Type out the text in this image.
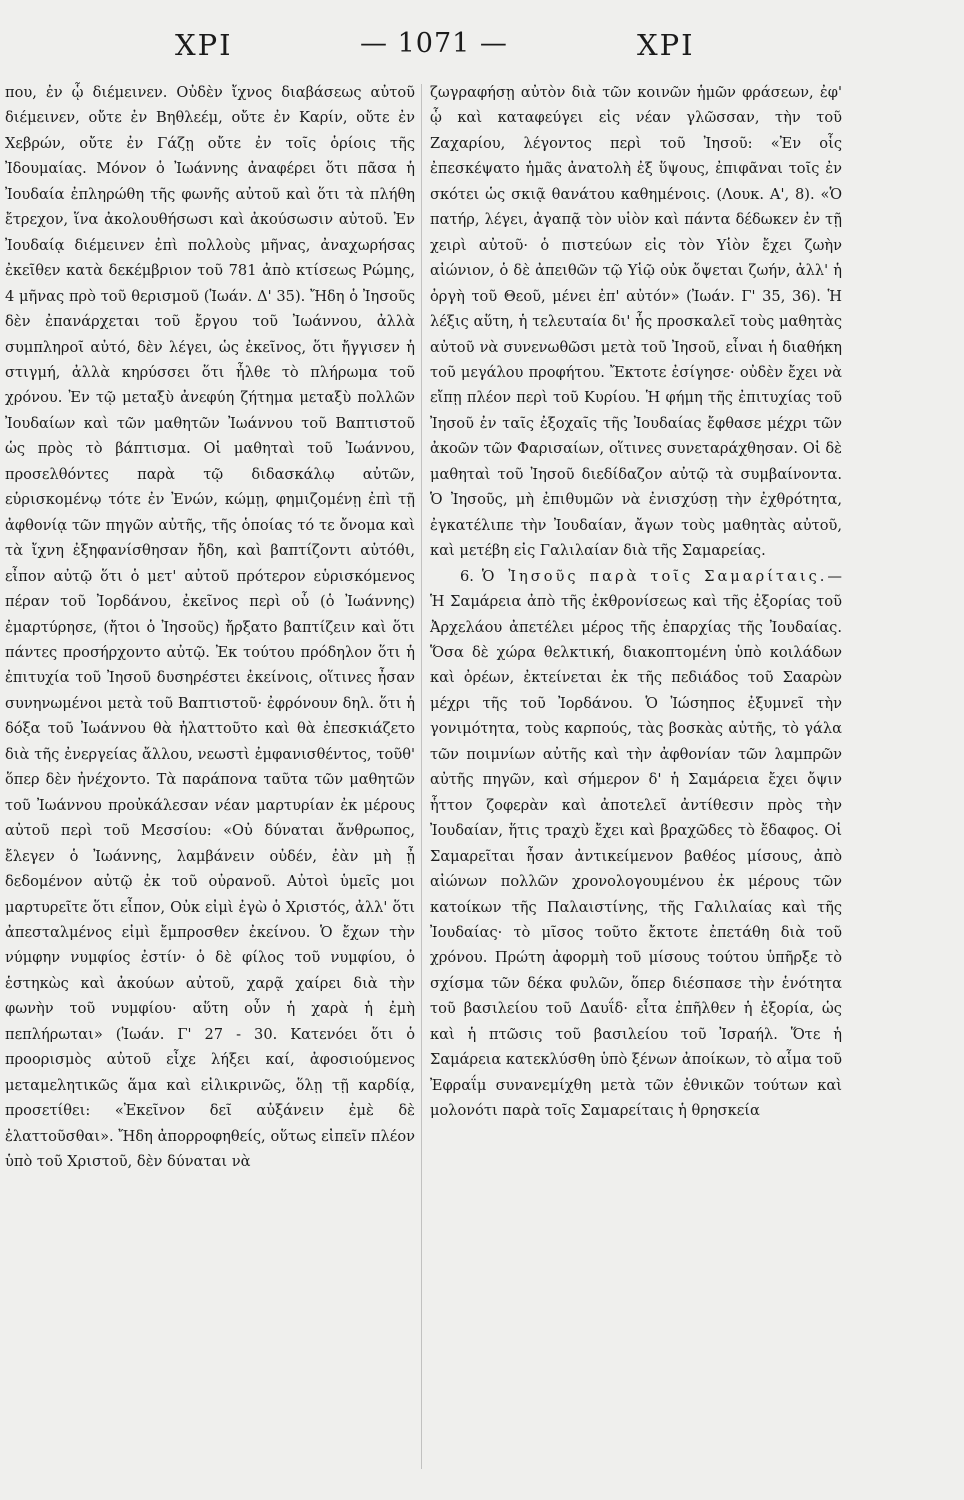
ΧΡΙ	— 1071 —	ΧΡΙ

που, ἐν ᾧ διέμεινεν. Οὐδὲν ἴχνος διαβάσεως αὐτοῦ διέμεινεν, οὔτε ἐν Βηθλεέμ, οὔτε ἐν Καρίν, οὔτε ἐν Χεβρών, οὔτε ἐν Γάζῃ οὔτε ἐν τοῖς ὁρίοις τῆς Ἰδουμαίας. Μόνον ὁ Ἰωάννης ἀναφέρει ὅτι πᾶσα ἡ Ἰουδαία ἐπληρώθη τῆς φωνῆς αὐτοῦ καὶ ὅτι τὰ πλήθη ἔτρεχον, ἵνα ἀκολουθήσωσι καὶ ἀκούσωσιν αὐτοῦ. Ἐν Ἰουδαίᾳ διέμεινεν ἐπὶ πολλοὺς μῆνας, ἀναχωρήσας ἐκεῖθεν κατὰ δεκέμβριον τοῦ 781 ἀπὸ κτίσεως Ρώμης, 4 μῆνας πρὸ τοῦ θερισμοῦ (Ἰωάν. Δ' 35). Ἤδη ὁ Ἰησοῦς δὲν ἐπανάρχεται τοῦ ἔργου τοῦ Ἰωάννου, ἀλλὰ συμπληροῖ αὐτό, δὲν λέγει, ὡς ἐκεῖνος, ὅτι ἤγγισεν ἡ στιγμή, ἀλλὰ κηρύσσει ὅτι ἦλθε τὸ πλήρωμα τοῦ χρόνου. Ἐν τῷ μεταξὺ ἀνεφύη ζήτημα μεταξὺ πολλῶν Ἰουδαίων καὶ τῶν μαθητῶν Ἰωάννου τοῦ Βαπτιστοῦ ὡς πρὸς τὸ βάπτισμα. Οἱ μαθηταὶ τοῦ Ἰωάννου, προσελθόντες παρὰ τῷ διδασκάλῳ αὐτῶν, εὑρισκομένῳ τότε ἐν Ἐνών, κώμῃ, φημιζομένῃ ἐπὶ τῇ ἀφθονίᾳ τῶν πηγῶν αὐτῆς, τῆς ὁποίας τό τε ὄνομα καὶ τὰ ἴχνη ἐξηφανίσθησαν ἤδη, καὶ βαπτίζοντι αὐτόθι, εἶπον αὐτῷ ὅτι ὁ μετ' αὐτοῦ πρότερον εὑρισκόμενος πέραν τοῦ Ἰορδάνου, ἐκεῖνος περὶ οὗ (ὁ Ἰωάννης) ἐμαρτύρησε, (ἤτοι ὁ Ἰησοῦς) ἤρξατο βαπτίζειν καὶ ὅτι πάντες προσήρχοντο αὐτῷ. Ἐκ τούτου πρόδηλον ὅτι ἡ ἐπιτυχία τοῦ Ἰησοῦ δυσηρέστει ἐκείνοις, οἵτινες ἦσαν συνηνωμένοι μετὰ τοῦ Βαπτιστοῦ· ἐφρόνουν δηλ. ὅτι ἡ δόξα τοῦ Ἰωάννου θὰ ἠλαττοῦτο καὶ θὰ ἐπεσκιάζετο διὰ τῆς ἐνεργείας ἄλλου, νεωστὶ ἐμφανισθέντος, τοῦθ' ὅπερ δὲν ἠνέχοντο. Τὰ παράπονα ταῦτα τῶν μαθητῶν τοῦ Ἰωάννου προὐκάλεσαν νέαν μαρτυρίαν ἐκ μέρους αὐτοῦ περὶ τοῦ Μεσσίου: «Οὐ δύναται ἄνθρωπος, ἔλεγεν ὁ Ἰωάννης, λαμβάνειν οὐδέν, ἐὰν μὴ ᾖ δεδομένον αὐτῷ ἐκ τοῦ οὐρανοῦ. Αὐτοὶ ὑμεῖς μοι μαρτυρεῖτε ὅτι εἶπον, Οὐκ εἰμὶ ἐγὼ ὁ Χριστός, ἀλλ' ὅτι ἀπεσταλμένος εἰμὶ ἔμπροσθεν ἐκείνου. Ὁ ἔχων τὴν νύμφην νυμφίος ἐστίν· ὁ δὲ φίλος τοῦ νυμφίου, ὁ ἑστηκὼς καὶ ἀκούων αὐτοῦ, χαρᾷ χαίρει διὰ τὴν φωνὴν τοῦ νυμφίου· αὕτη οὖν ἡ χαρὰ ἡ ἐμὴ πεπλήρωται» (Ἰωάν. Γ' 27 - 30. Κατενόει ὅτι ὁ προορισμὸς αὐτοῦ εἶχε λήξει καί, ἀφοσιούμενος μεταμελητικῶς ἅμα καὶ εἰλικρινῶς, ὅλῃ τῇ καρδίᾳ, προσετίθει: «Ἐκεῖνον δεῖ αὐξάνειν ἐμὲ δὲ ἐλαττοῦσθαι». Ἤδη ἀπορροφηθείς, οὕτως εἰπεῖν πλέον ὑπὸ τοῦ Χριστοῦ, δὲν δύναται νὰ

ζωγραφήσῃ αὐτὸν διὰ τῶν κοινῶν ἡμῶν φράσεων, ἐφ' ᾧ καὶ καταφεύγει εἰς νέαν γλῶσσαν, τὴν τοῦ Ζαχαρίου, λέγοντος περὶ τοῦ Ἰησοῦ: «Ἐν οἷς ἐπεσκέψατο ἡμᾶς ἀνατολὴ ἐξ ὕψους, ἐπιφᾶναι τοῖς ἐν σκότει ὡς σκιᾷ θανάτου καθημένοις. (Λουκ. Α', 8). «Ὁ πατήρ, λέγει, ἀγαπᾷ τὸν υἱὸν καὶ πάντα δέδωκεν ἐν τῇ χειρὶ αὐτοῦ· ὁ πιστεύων εἰς τὸν Υἱὸν ἔχει ζωὴν αἰώνιον, ὁ δὲ ἀπειθῶν τῷ Υἱῷ οὐκ ὄψεται ζωήν, ἀλλ' ἡ ὀργὴ τοῦ Θεοῦ, μένει ἐπ' αὐτόν» (Ἰωάν. Γ' 35, 36). Ἡ λέξις αὕτη, ἡ τελευταία δι' ἧς προσκαλεῖ τοὺς μαθητὰς αὐτοῦ νὰ συνενωθῶσι μετὰ τοῦ Ἰησοῦ, εἶναι ἡ διαθήκη τοῦ μεγάλου προφήτου. Ἔκτοτε ἐσίγησε· οὐδὲν ἔχει νὰ εἴπῃ πλέον περὶ τοῦ Κυρίου. Ἡ φήμη τῆς ἐπιτυχίας τοῦ Ἰησοῦ ἐν ταῖς ἐξοχαῖς τῆς Ἰουδαίας ἔφθασε μέχρι τῶν ἀκοῶν τῶν Φαρισαίων, οἵτινες συνεταράχθησαν. Οἱ δὲ μαθηταὶ τοῦ Ἰησοῦ διεδίδαζον αὐτῷ τὰ συμβαίνοντα. Ὁ Ἰησοῦς, μὴ ἐπιθυμῶν νὰ ἐνισχύσῃ τὴν ἐχθρότητα, ἐγκατέλιπε τὴν Ἰουδαίαν, ἄγων τοὺς μαθητὰς αὐτοῦ, καὶ μετέβη εἰς Γαλιλαίαν διὰ τῆς Σαμαρείας.

6. Ὁ Ἰησοῦς παρὰ τοῖς Σαμαρίταις.— Ἡ Σαμάρεια ἀπὸ τῆς ἐκθρονίσεως καὶ τῆς ἐξορίας τοῦ Ἀρχελάου ἀπετέλει μέρος τῆς ἐπαρχίας τῆς Ἰουδαίας. Ὅσα δὲ χώρα θελκτική, διακοπτομένη ὑπὸ κοιλάδων καὶ ὀρέων, ἐκτείνεται ἐκ τῆς πεδιάδος τοῦ Σααρὼν μέχρι τῆς τοῦ Ἰορδάνου. Ὁ Ἰώσηπος ἐξυμνεῖ τὴν γονιμότητα, τοὺς καρπούς, τὰς βοσκὰς αὐτῆς, τὸ γάλα τῶν ποιμνίων αὐτῆς καὶ τὴν ἀφθονίαν τῶν λαμπρῶν αὐτῆς πηγῶν, καὶ σήμερον δ' ἡ Σαμάρεια ἔχει ὄψιν ἧττον ζοφερὰν καὶ ἀποτελεῖ ἀντίθεσιν πρὸς τὴν Ἰουδαίαν, ἥτις τραχὺ ἔχει καὶ βραχῶδες τὸ ἔδαφος. Οἱ Σαμαρεῖται ἦσαν ἀντικείμενον βαθέος μίσους, ἀπὸ αἰώνων πολλῶν χρονολογουμένου ἐκ μέρους τῶν κατοίκων τῆς Παλαιστίνης, τῆς Γαλιλαίας καὶ τῆς Ἰουδαίας· τὸ μῖσος τοῦτο ἔκτοτε ἐπετάθη διὰ τοῦ χρόνου. Πρώτη ἀφορμὴ τοῦ μίσους τούτου ὑπῆρξε τὸ σχίσμα τῶν δέκα φυλῶν, ὅπερ διέσπασε τὴν ἑνότητα τοῦ βασιλείου τοῦ Δαυΐδ· εἶτα ἐπῆλθεν ἡ ἐξορία, ὡς καὶ ἡ πτῶσις τοῦ βασιλείου τοῦ Ἰσραήλ. Ὅτε ἡ Σαμάρεια κατεκλύσθη ὑπὸ ξένων ἀποίκων, τὸ αἷμα τοῦ Ἐφραΐμ συνανεμίχθη μετὰ τῶν ἐθνικῶν τούτων καὶ μολονότι παρὰ τοῖς Σαμαρείταις ἡ θρησκεία
